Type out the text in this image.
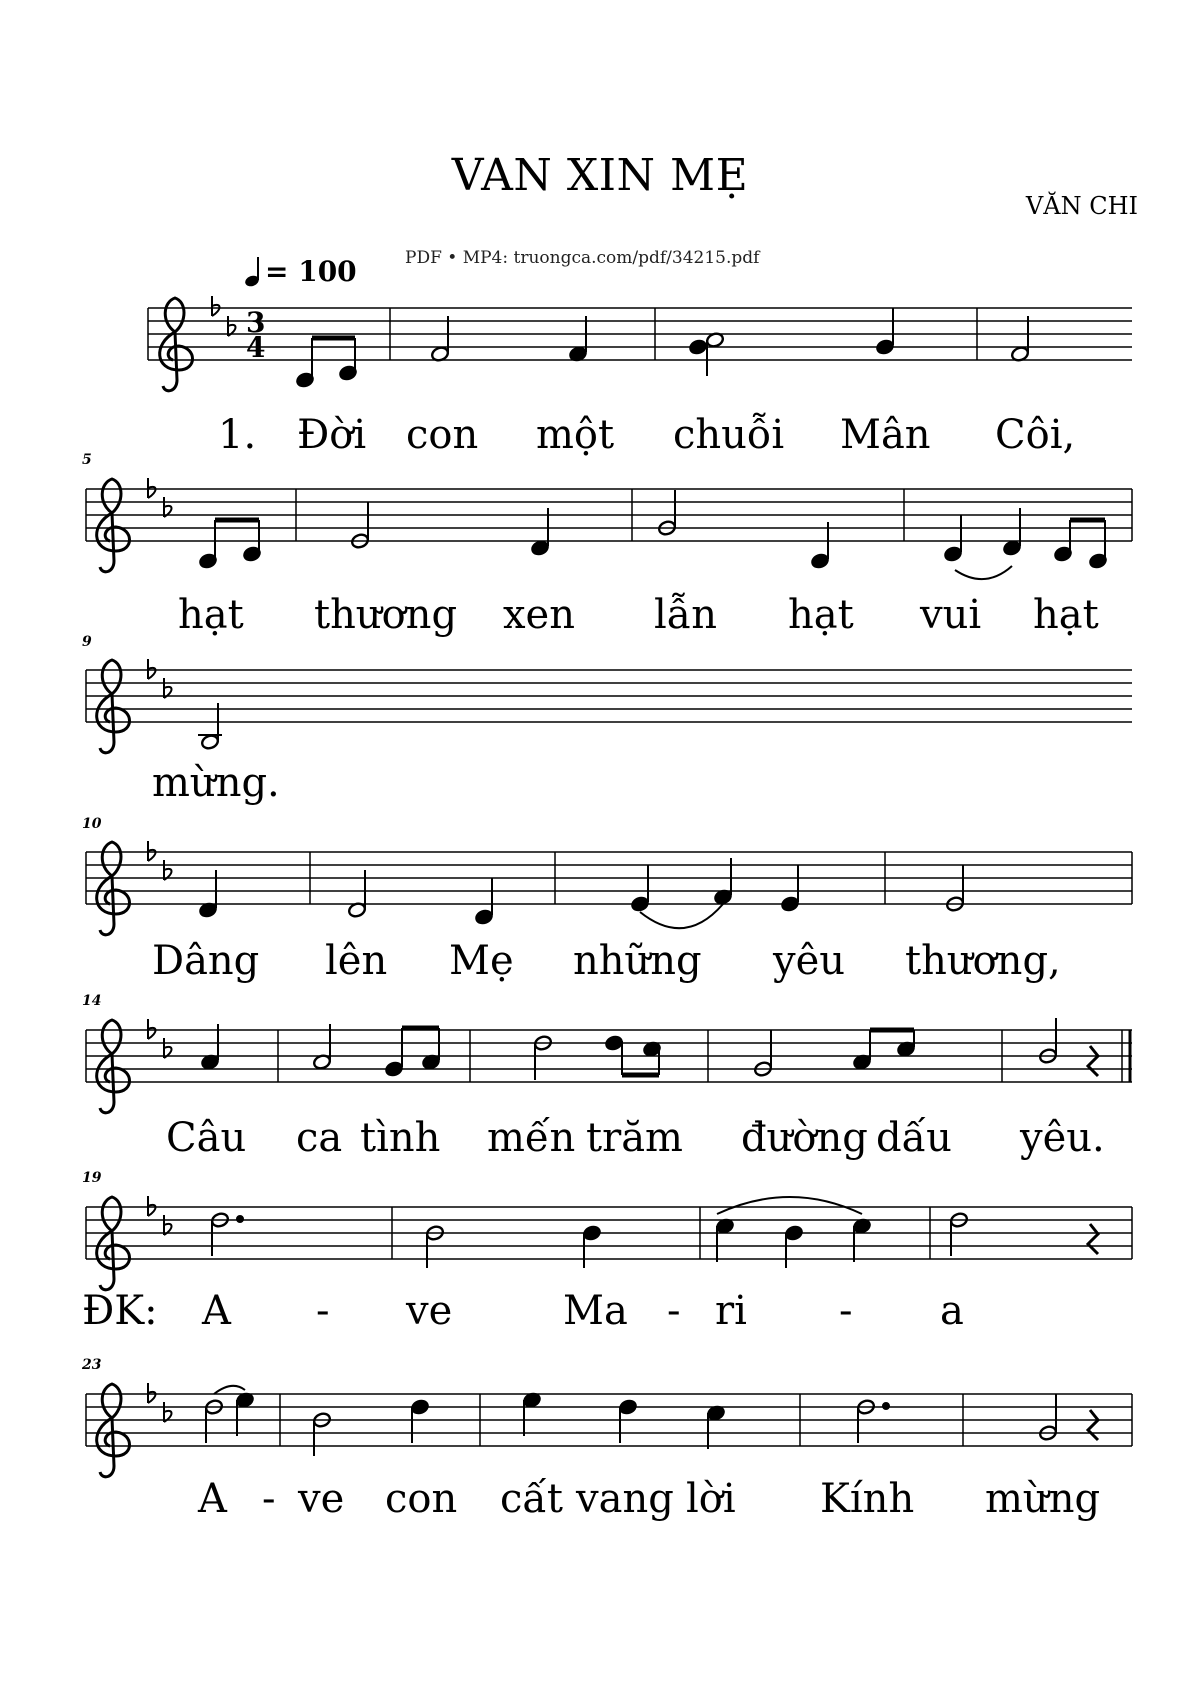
VAN XIN MẸ
VĂN CHI
PDF • MP4: truongca.com/pdf/34215.pdf
= 100
5
9
10
14
19
23
1. Đời con một chuỗi Mân Côi,
hạt thương xen lẫn hạt vui hạt
mừng.
Dâng lên Mẹ những yêu thương,
Câu ca tình mến trăm đường dấu yêu.
ĐK: A - ve	Ma - ri - a
A - ve con cất vang lời Kính mừng
3
4
